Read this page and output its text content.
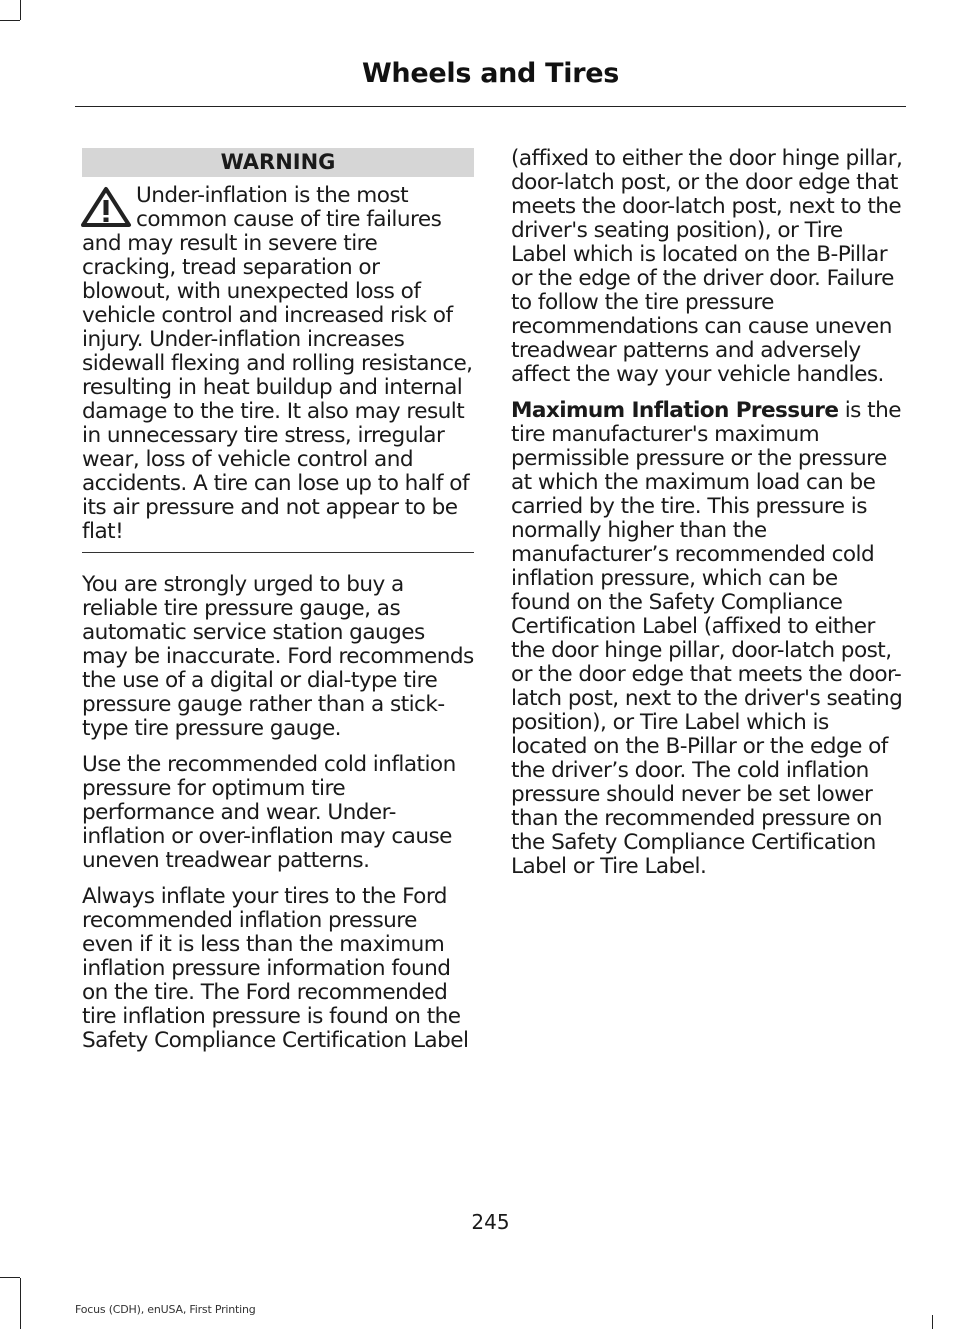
Wheels and Tires
WARNING
Under-inflation is the most common cause of tire failures and may result in severe tire cracking, tread separation or blowout, with unexpected loss of vehicle control and increased risk of injury. Under-inflation increases sidewall flexing and rolling resistance, resulting in heat buildup and internal damage to the tire. It also may result in unnecessary tire stress, irregular wear, loss of vehicle control and accidents. A tire can lose up to half of its air pressure and not appear to be flat!

You are strongly urged to buy a reliable tire pressure gauge, as automatic service station gauges may be inaccurate. Ford recommends the use of a digital or dial-type tire pressure gauge rather than a stick-type tire pressure gauge.

Use the recommended cold inflation pressure for optimum tire performance and wear. Under-inflation or over-inflation may cause uneven treadwear patterns.

Always inflate your tires to the Ford recommended inflation pressure even if it is less than the maximum inflation pressure information found on the tire. The Ford recommended tire inflation pressure is found on the Safety Compliance Certification Label

(affixed to either the door hinge pillar, door-latch post, or the door edge that meets the door-latch post, next to the driver's seating position), or Tire Label which is located on the B-Pillar or the edge of the driver door. Failure to follow the tire pressure recommendations can cause uneven treadwear patterns and adversely affect the way your vehicle handles.

Maximum Inflation Pressure is the tire manufacturer's maximum permissible pressure or the pressure at which the maximum load can be carried by the tire. This pressure is normally higher than the manufacturer’s recommended cold inflation pressure, which can be found on the Safety Compliance Certification Label (affixed to either the door hinge pillar, door-latch post, or the door edge that meets the door-latch post, next to the driver's seating position), or Tire Label which is located on the B-Pillar or the edge of the driver’s door. The cold inflation pressure should never be set lower than the recommended pressure on the Safety Compliance Certification Label or Tire Label.

245
Focus (CDH), enUSA, First Printing
